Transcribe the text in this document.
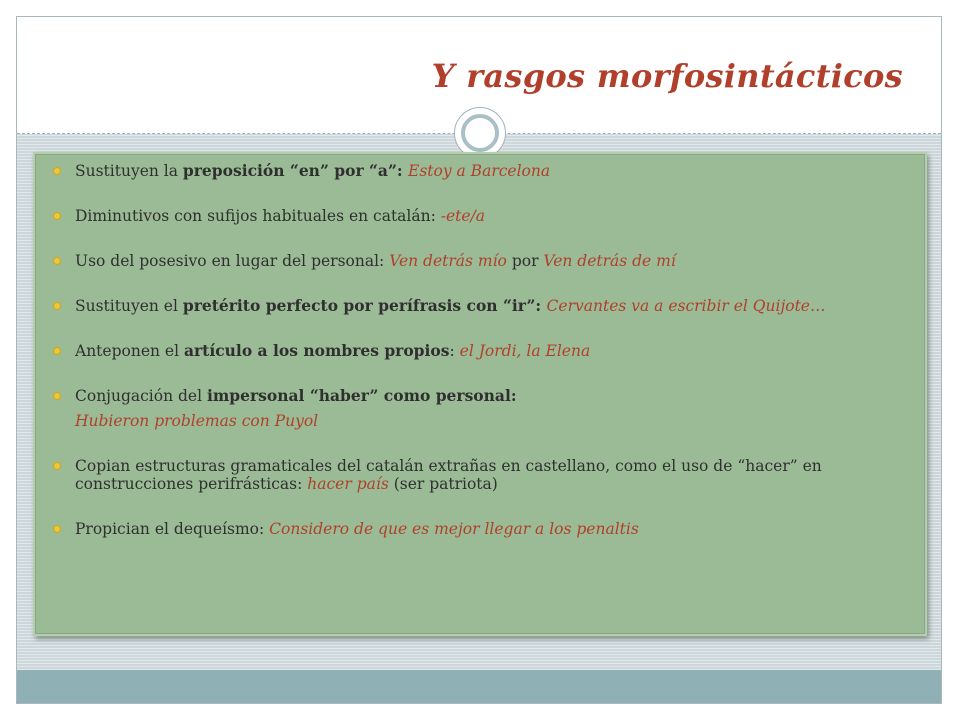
Y rasgos morfosintácticos
Sustituyen la preposición “en” por “a”: Estoy a Barcelona
Diminutivos con sufijos habituales en catalán: -ete/a
Uso del posesivo en lugar del personal: Ven detrás mío por Ven detrás de mí
Sustituyen el pretérito perfecto por perífrasis con “ir”: Cervantes va a escribir el Quijote…
Anteponen el artículo a los nombres propios: el Jordi, la Elena
Conjugación del impersonal “haber” como personal:
Hubieron problemas con Puyol
Copian estructuras gramaticales del catalán extrañas en castellano, como el uso de “hacer” en construcciones perifrásticas: hacer país (ser patriota)
Propician el dequeísmo: Considero de que es mejor llegar a los penaltis
